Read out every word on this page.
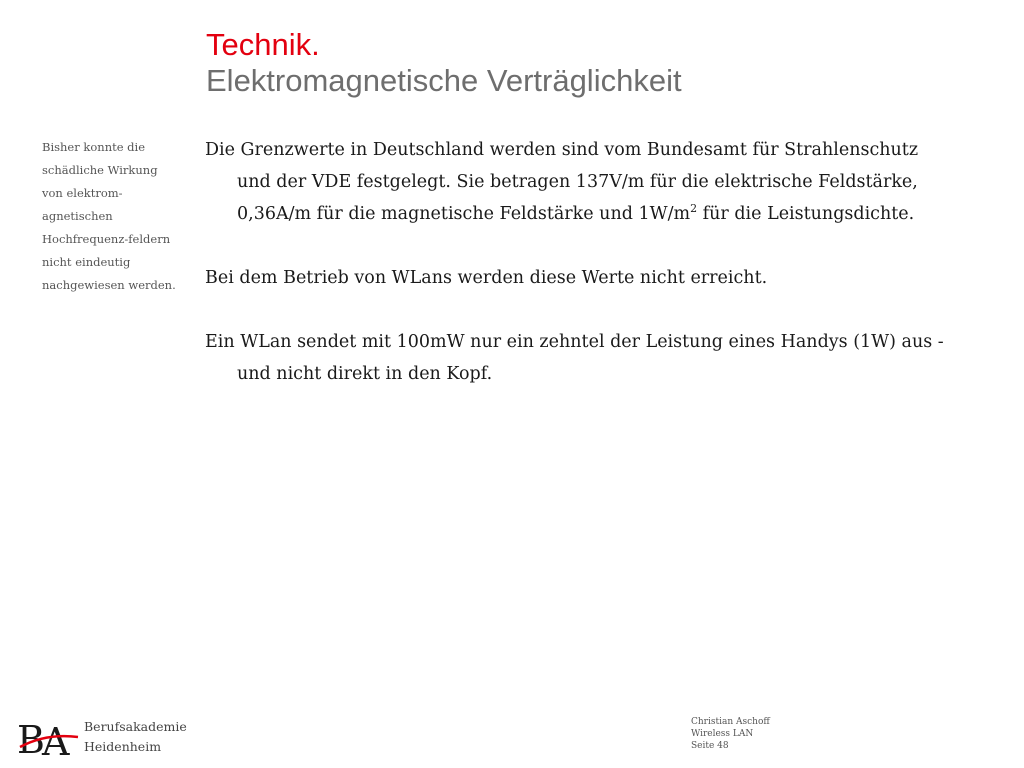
Technik.
Elektromagnetische Verträglichkeit
Bisher konnte die
schädliche Wirkung
von elektrom-
agnetischen
Hochfrequenz-feldern
nicht eindeutig
nachgewiesen werden.
Die Grenzwerte in Deutschland werden sind vom Bundesamt für Strahlenschutz
und der VDE festgelegt. Sie betragen 137V/m für die elektrische Feldstärke,
0,36A/m für die magnetische Feldstärke und $1W/m^2$ für die Leistungsdichte.
Bei dem Betrieb von WLans werden diese Werte nicht erreicht.
Ein WLan sendet mit 100mW nur ein zehntel der Leistung eines Handys (1W) aus -
und nicht direkt in den Kopf.
B
A Berufsakademie
Heidenheim
Christian Aschoff
Wireless LAN
Seite 48
